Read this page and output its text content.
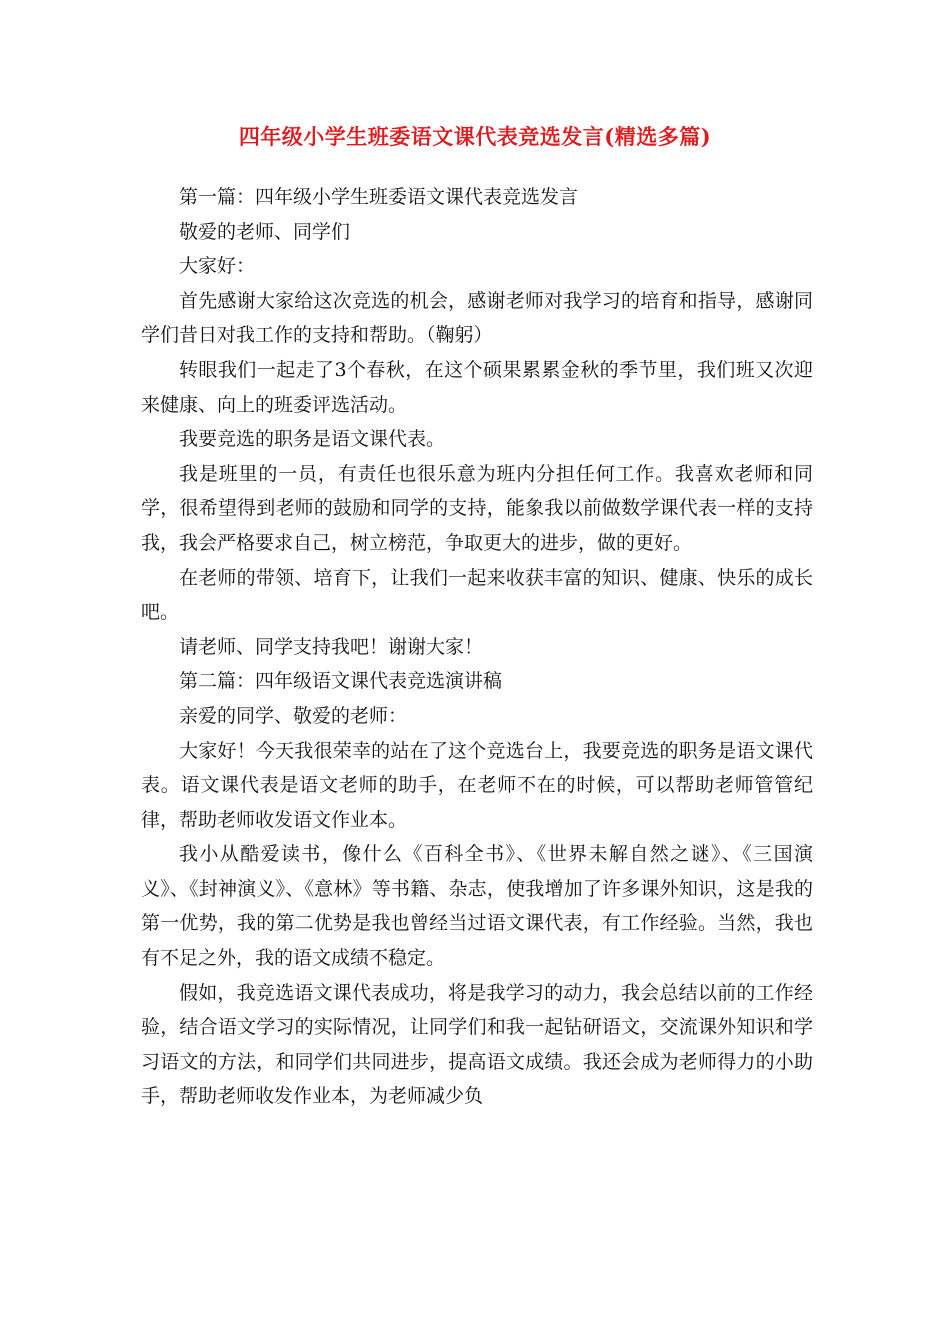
四年级小学生班委语文课代表竞选发言(精选多篇)

第一篇：四年级小学生班委语文课代表竞选发言

敬爱的老师、同学们

大家好：

首先感谢大家给这次竞选的机会，感谢老师对我学习的培育和指导，感谢同学们昔日对我工作的支持和帮助。（鞠躬）

转眼我们一起走了3个春秋，在这个硕果累累金秋的季节里，我们班又次迎来健康、向上的班委评选活动。

我要竞选的职务是语文课代表。

我是班里的一员，有责任也很乐意为班内分担任何工作。我喜欢老师和同学，很希望得到老师的鼓励和同学的支持，能象我以前做数学课代表一样的支持我，我会严格要求自己，树立榜范，争取更大的进步，做的更好。

在老师的带领、培育下，让我们一起来收获丰富的知识、健康、快乐的成长吧。

请老师、同学支持我吧！谢谢大家！

第二篇：四年级语文课代表竞选演讲稿

亲爱的同学、敬爱的老师：

大家好！今天我很荣幸的站在了这个竞选台上，我要竞选的职务是语文课代表。语文课代表是语文老师的助手，在老师不在的时候，可以帮助老师管管纪律，帮助老师收发语文作业本。

我小从酷爱读书，像什么《百科全书》、《世界未解自然之谜》、《三国演义》、《封神演义》、《意林》等书籍、杂志，使我增加了许多课外知识，这是我的第一优势，我的第二优势是我也曾经当过语文课代表，有工作经验。当然，我也有不足之外，我的语文成绩不稳定。

假如，我竞选语文课代表成功，将是我学习的动力，我会总结以前的工作经验，结合语文学习的实际情况，让同学们和我一起钻研语文，交流课外知识和学习语文的方法，和同学们共同进步，提高语文成绩。我还会成为老师得力的小助手，帮助老师收发作业本，为老师减少负
